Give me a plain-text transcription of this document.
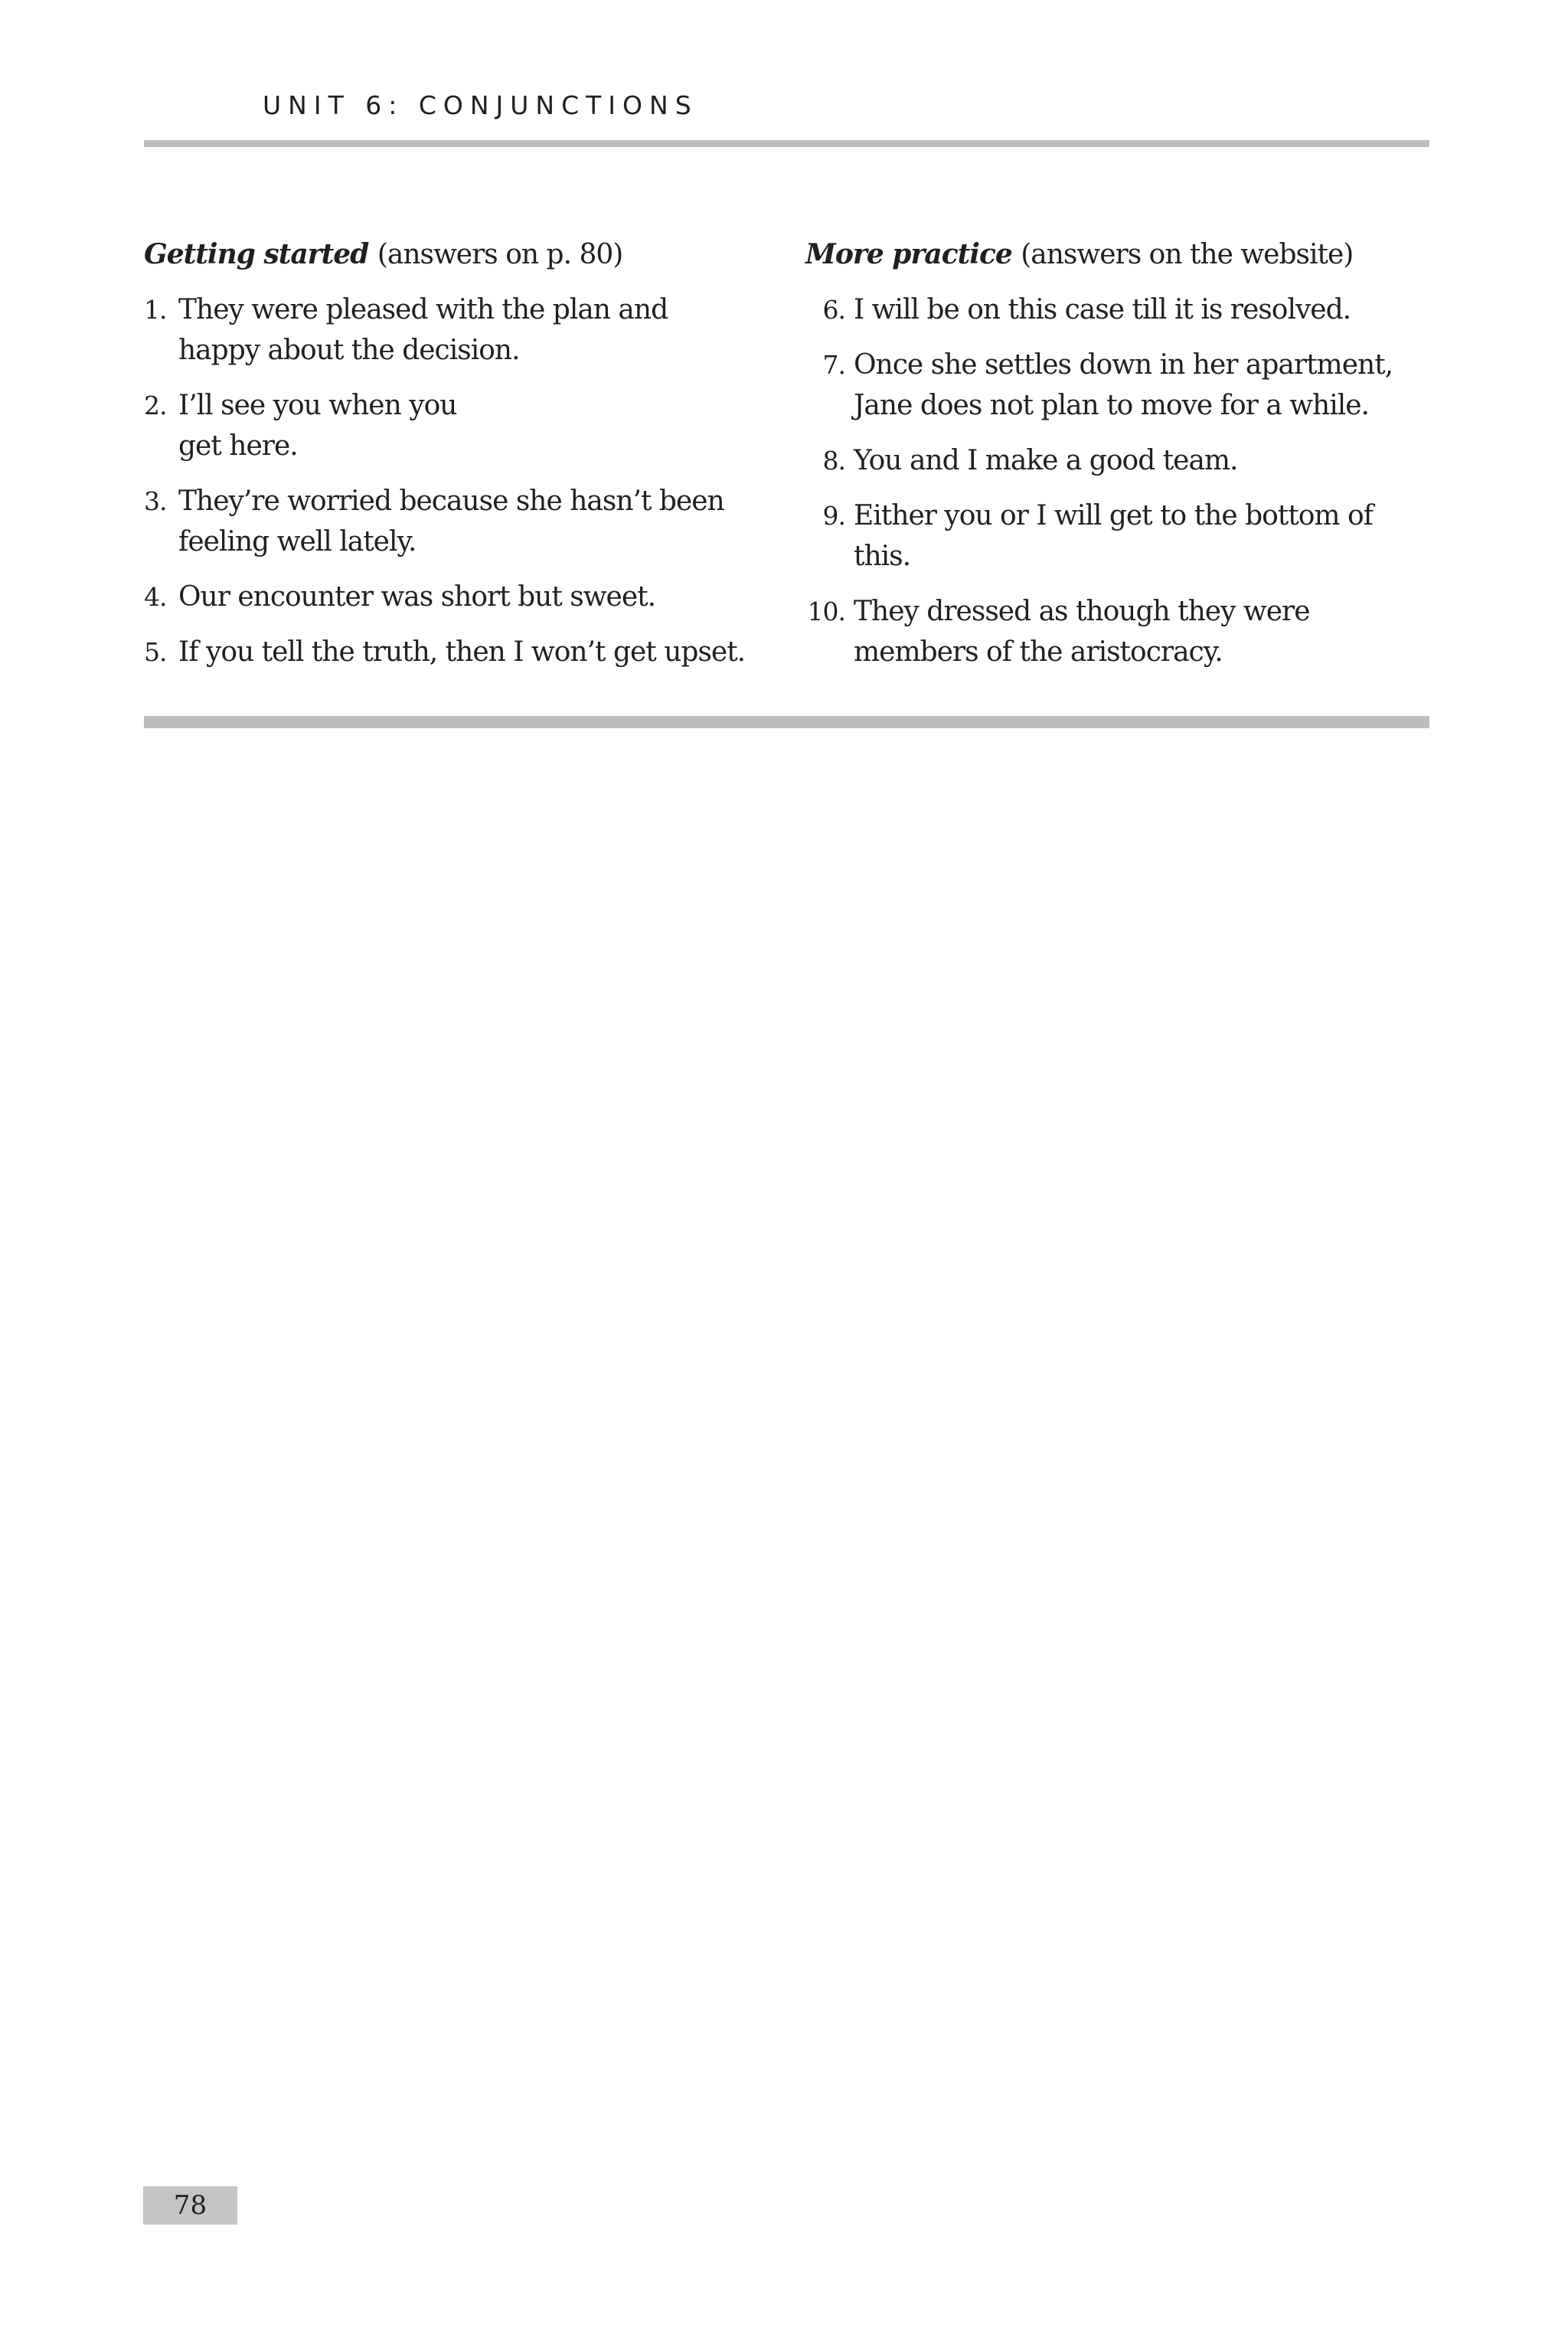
UNIT 6: CONJUNCTIONS
Getting started (answers on p. 80)
1. They were pleased with the plan and happy about the decision.
2. I’ll see you when you get here.
3. They’re worried because she hasn’t been feeling well lately.
4. Our encounter was short but sweet.
5. If you tell the truth, then I won’t get upset.
More practice (answers on the website)
6. I will be on this case till it is resolved.
7. Once she settles down in her apartment, Jane does not plan to move for a while.
8. You and I make a good team.
9. Either you or I will get to the bottom of this.
10. They dressed as though they were members of the aristocracy.
78
